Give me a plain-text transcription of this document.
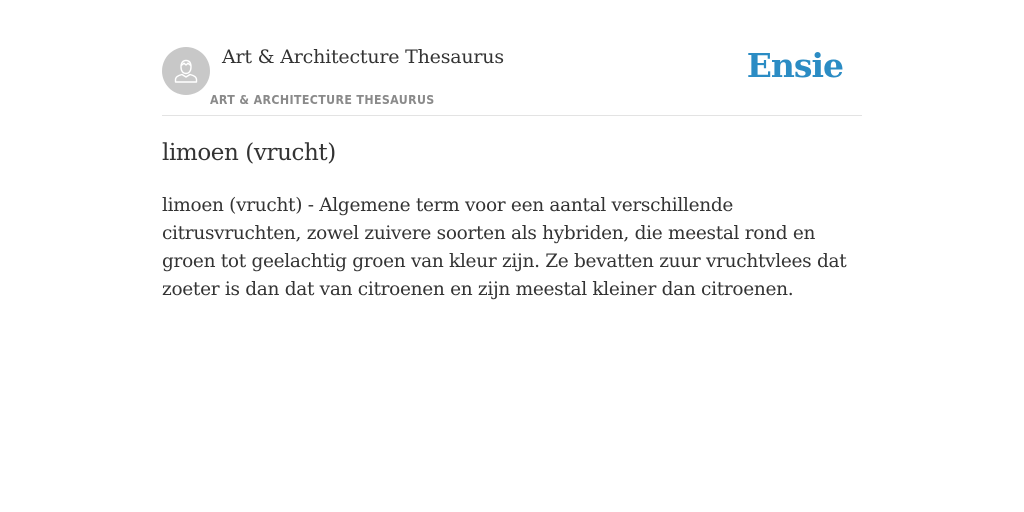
Art & Architecture Thesaurus
ART & ARCHITECTURE THESAURUS
Ensie
limoen (vrucht)

limoen (vrucht) - Algemene term voor een aantal verschillende citrusvruchten, zowel zuivere soorten als hybriden, die meestal rond en groen tot geelachtig groen van kleur zijn. Ze bevatten zuur vruchtvlees dat zoeter is dan dat van citroenen en zijn meestal kleiner dan citroenen.
